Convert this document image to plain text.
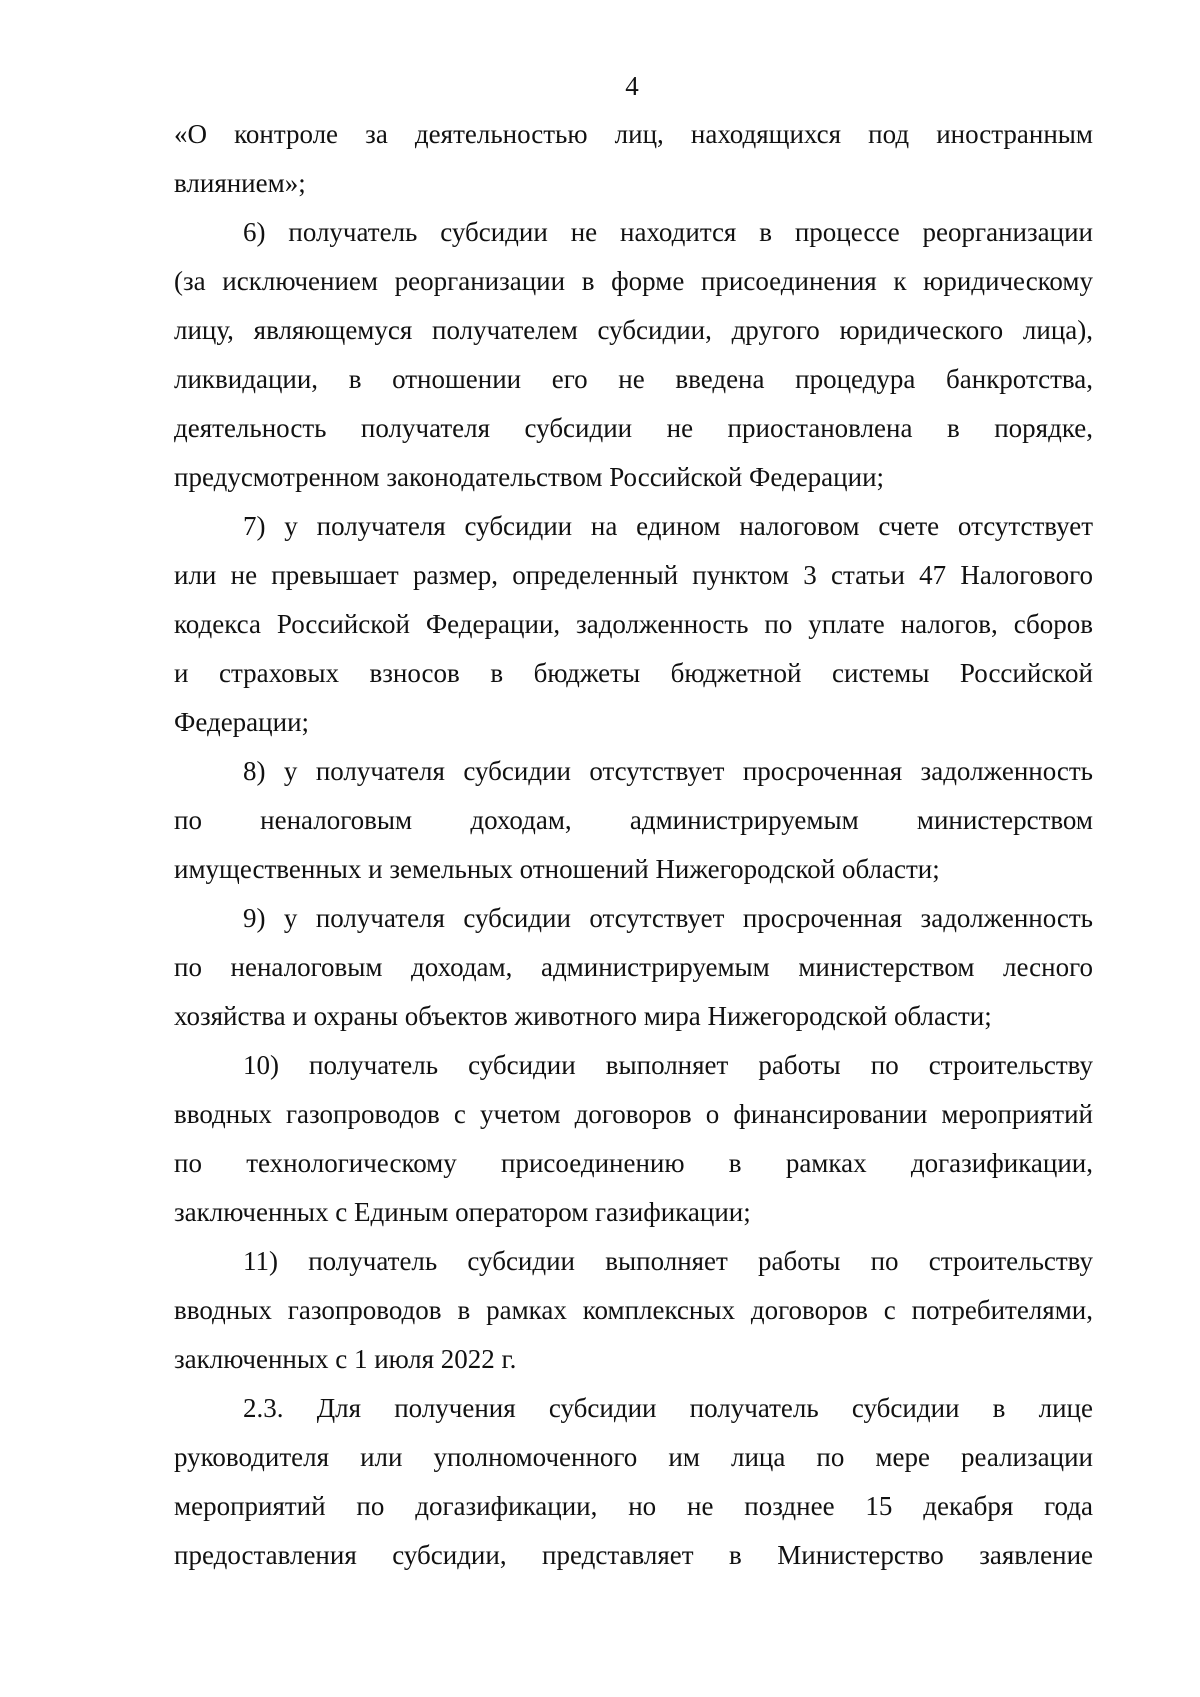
4
«О контроле за деятельностью лиц, находящихся под иностранным
влиянием»;
6) получатель субсидии не находится в процессе реорганизации
(за исключением реорганизации в форме присоединения к юридическому
лицу, являющемуся получателем субсидии, другого юридического лица),
ликвидации, в отношении его не введена процедура банкротства,
деятельность получателя субсидии не приостановлена в порядке,
предусмотренном законодательством Российской Федерации;
7) у получателя субсидии на едином налоговом счете отсутствует
или не превышает размер, определенный пунктом 3 статьи 47 Налогового
кодекса Российской Федерации, задолженность по уплате налогов, сборов
и страховых взносов в бюджеты бюджетной системы Российской
Федерации;
8) у получателя субсидии отсутствует просроченная задолженность
по неналоговым доходам, администрируемым министерством
имущественных и земельных отношений Нижегородской области;
9) у получателя субсидии отсутствует просроченная задолженность
по неналоговым доходам, администрируемым министерством лесного
хозяйства и охраны объектов животного мира Нижегородской области;
10) получатель субсидии выполняет работы по строительству
вводных газопроводов с учетом договоров о финансировании мероприятий
по технологическому присоединению в рамках догазификации,
заключенных с Единым оператором газификации;
11) получатель субсидии выполняет работы по строительству
вводных газопроводов в рамках комплексных договоров с потребителями,
заключенных с 1 июля 2022 г.
2.3. Для получения субсидии получатель субсидии в лице
руководителя или уполномоченного им лица по мере реализации
мероприятий по догазификации, но не позднее 15 декабря года
предоставления субсидии, представляет в Министерство заявление
